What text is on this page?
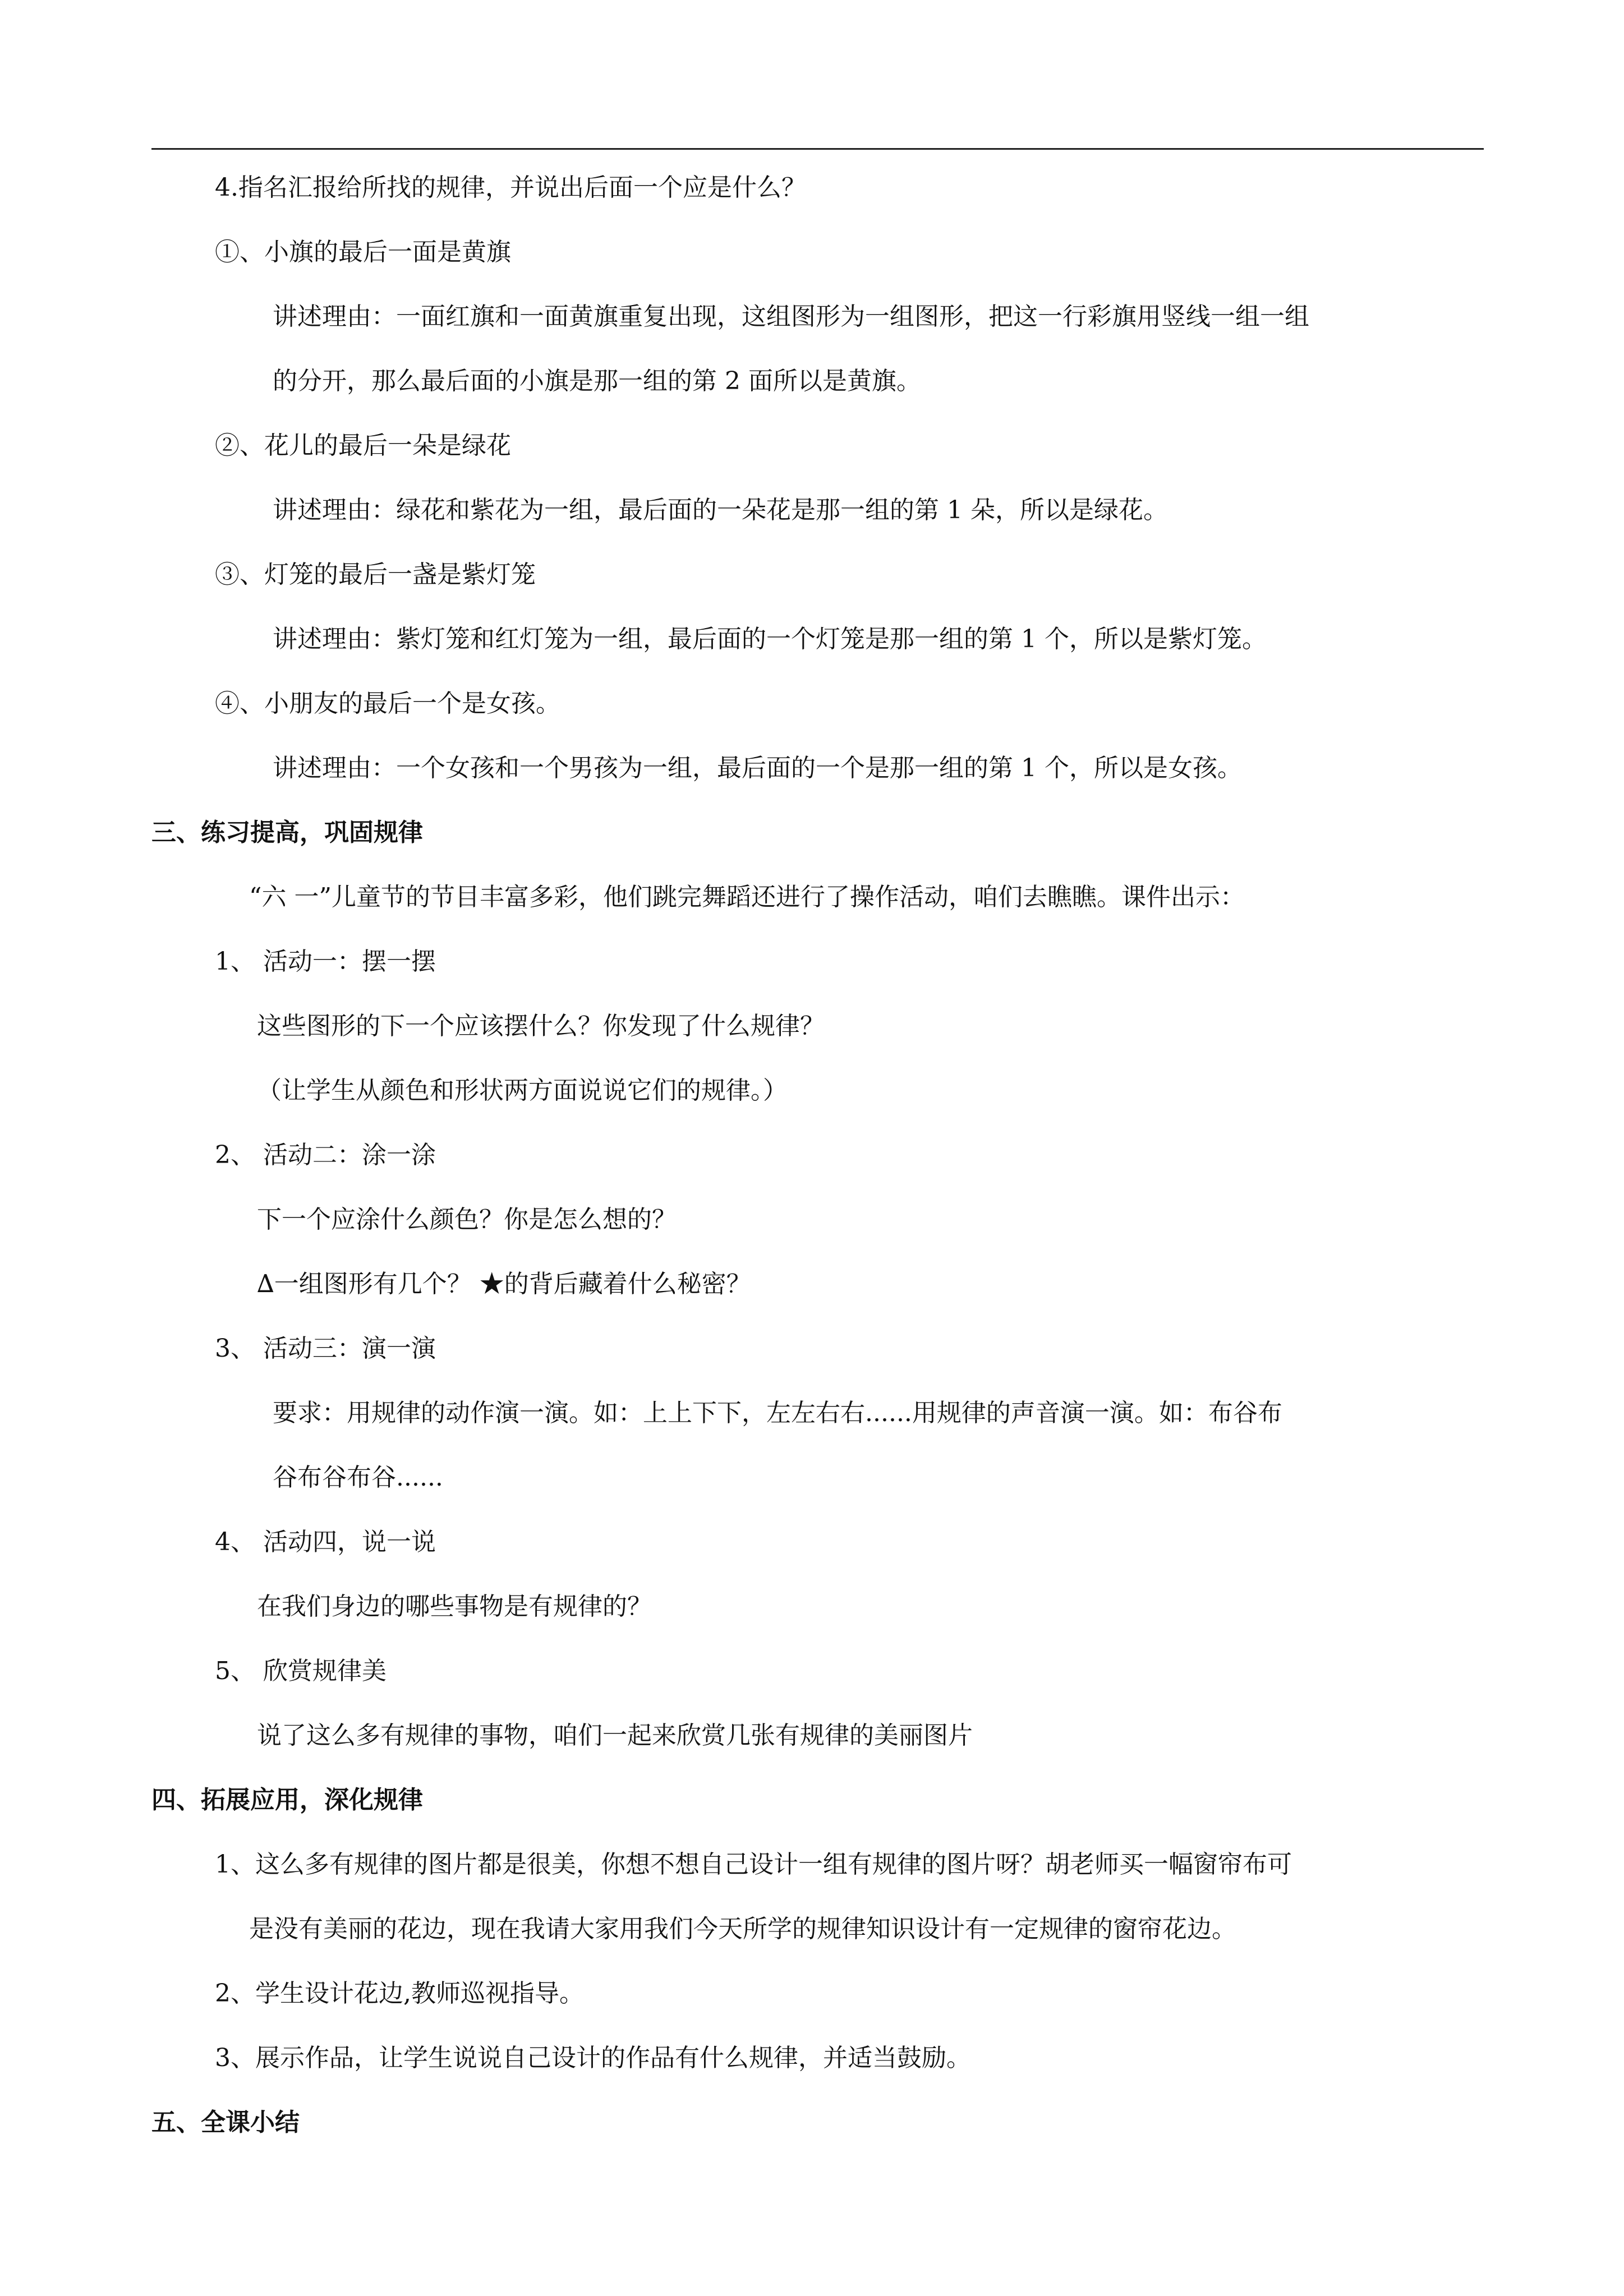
4.指名汇报给所找的规律，并说出后面一个应是什么？
①、小旗的最后一面是黄旗
讲述理由：一面红旗和一面黄旗重复出现，这组图形为一组图形，把这一行彩旗用竖线一组一组
的分开，那么最后面的小旗是那一组的第 2 面所以是黄旗。
②、花儿的最后一朵是绿花
讲述理由：绿花和紫花为一组，最后面的一朵花是那一组的第 1 朵，所以是绿花。
③、灯笼的最后一盏是紫灯笼
讲述理由：紫灯笼和红灯笼为一组，最后面的一个灯笼是那一组的第 1 个，所以是紫灯笼。
④、小朋友的最后一个是女孩。
讲述理由：一个女孩和一个男孩为一组，最后面的一个是那一组的第 1 个，所以是女孩。
三、练习提高，巩固规律
“六 一”儿童节的节目丰富多彩，他们跳完舞蹈还进行了操作活动，咱们去瞧瞧。课件出示：
1、 活动一：摆一摆
这些图形的下一个应该摆什么？你发现了什么规律？
（让学生从颜色和形状两方面说说它们的规律。）
2、 活动二：涂一涂
下一个应涂什么颜色？你是怎么想的？
∆一组图形有几个？ ★的背后藏着什么秘密？
3、 活动三：演一演
要求：用规律的动作演一演。如：上上下下，左左右右......用规律的声音演一演。如：布谷布
谷布谷布谷......
4、 活动四，说一说
在我们身边的哪些事物是有规律的？
5、 欣赏规律美
说了这么多有规律的事物，咱们一起来欣赏几张有规律的美丽图片
四、拓展应用，深化规律
1、这么多有规律的图片都是很美，你想不想自己设计一组有规律的图片呀？胡老师买一幅窗帘布可
是没有美丽的花边，现在我请大家用我们今天所学的规律知识设计有一定规律的窗帘花边。
2、学生设计花边,教师巡视指导。
3、展示作品，让学生说说自己设计的作品有什么规律，并适当鼓励。
五、全课小结
